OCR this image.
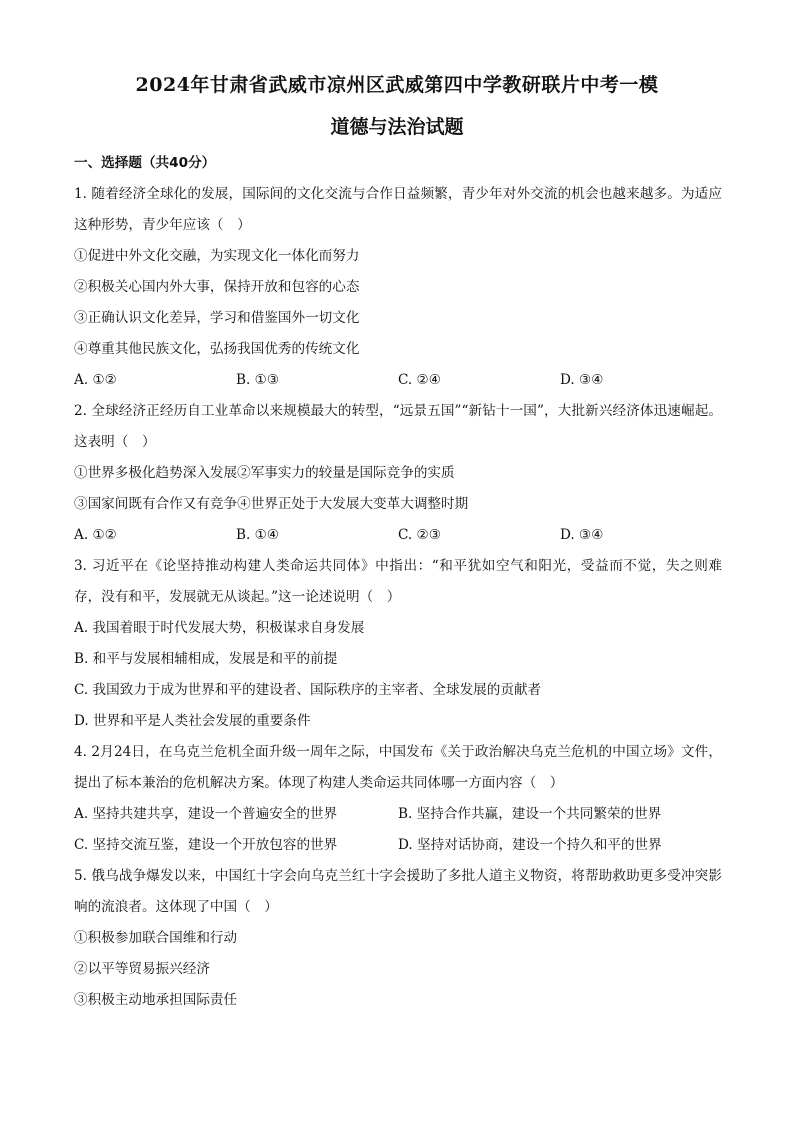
2024年甘肃省武威市凉州区武威第四中学教研联片中考一模
道德与法治试题
一、选择题（共40分）
1. 随着经济全球化的发展，国际间的文化交流与合作日益频繁，青少年对外交流的机会也越来越多。为适应这种形势，青少年应该（　）
①促进中外文化交融，为实现文化一体化而努力
②积极关心国内外大事，保持开放和包容的心态
③正确认识文化差异，学习和借鉴国外一切文化
④尊重其他民族文化，弘扬我国优秀的传统文化
A. ①②	B. ①③	C. ②④	D. ③④
2. 全球经济正经历自工业革命以来规模最大的转型，“远景五国”“新钻十一国”，大批新兴经济体迅速崛起。这表明（　）
①世界多极化趋势深入发展②军事实力的较量是国际竞争的实质
③国家间既有合作又有竞争④世界正处于大发展大变革大调整时期
A. ①②	B. ①④	C. ②③	D. ③④
3. 习近平在《论坚持推动构建人类命运共同体》中指出：“和平犹如空气和阳光，受益而不觉，失之则难存，没有和平，发展就无从谈起。”这一论述说明（　）
A. 我国着眼于时代发展大势，积极谋求自身发展
B. 和平与发展相辅相成，发展是和平的前提
C. 我国致力于成为世界和平的建设者、国际秩序的主宰者、全球发展的贡献者
D. 世界和平是人类社会发展的重要条件
4. 2月24日，在乌克兰危机全面升级一周年之际，中国发布《关于政治解决乌克兰危机的中国立场》文件，提出了标本兼治的危机解决方案。体现了构建人类命运共同体哪一方面内容（　）
A. 坚持共建共享，建设一个普遍安全的世界	B. 坚持合作共赢，建设一个共同繁荣的世界
C. 坚持交流互鉴，建设一个开放包容的世界	D. 坚持对话协商，建设一个持久和平的世界
5. 俄乌战争爆发以来，中国红十字会向乌克兰红十字会援助了多批人道主义物资，将帮助救助更多受冲突影响的流浪者。这体现了中国（　）
①积极参加联合国维和行动
②以平等贸易振兴经济
③积极主动地承担国际责任
